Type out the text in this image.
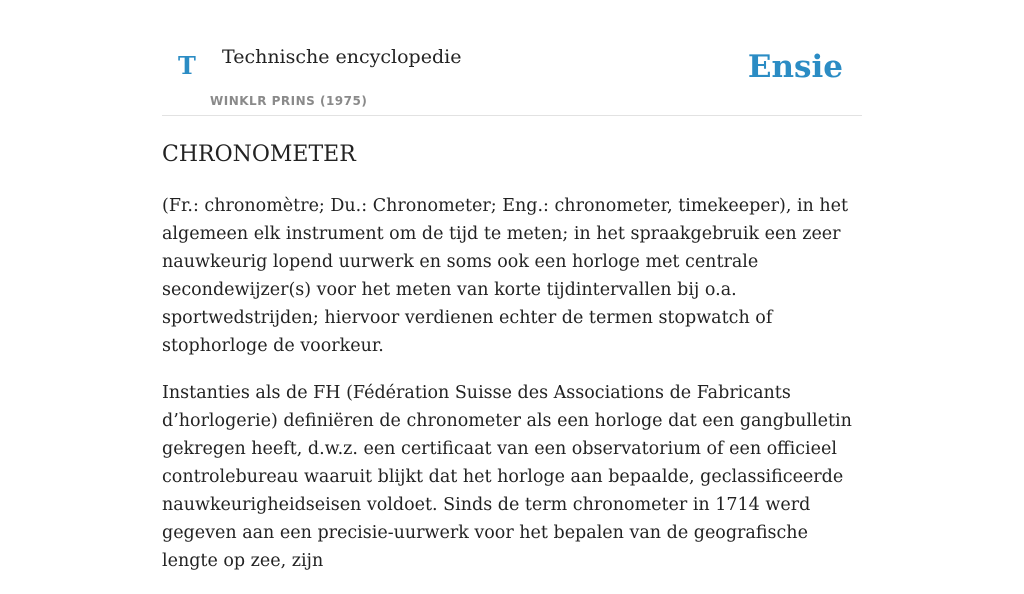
T Technische encyclopedie
WINKLR PRINS (1975)
Ensie
CHRONOMETER

(Fr.: chronomètre; Du.: Chronometer; Eng.: chronometer, timekeeper), in het algemeen elk instrument om de tijd te meten; in het spraakgebruik een zeer nauwkeurig lopend uurwerk en soms ook een horloge met centrale secondewijzer(s) voor het meten van korte tijdintervallen bij o.a. sportwedstrijden; hiervoor verdienen echter de termen stopwatch of stophorloge de voorkeur.

Instanties als de FH (Fédération Suisse des Associations de Fabricants d’horlogerie) definiëren de chronometer als een horloge dat een gangbulletin gekregen heeft, d.w.z. een certificaat van een observatorium of een officieel controlebureau waaruit blijkt dat het horloge aan bepaalde, geclassificeerde nauwkeurigheidseisen voldoet. Sinds de term chronometer in 1714 werd gegeven aan een precisie-uurwerk voor het bepalen van de geografische lengte op zee, zijn
